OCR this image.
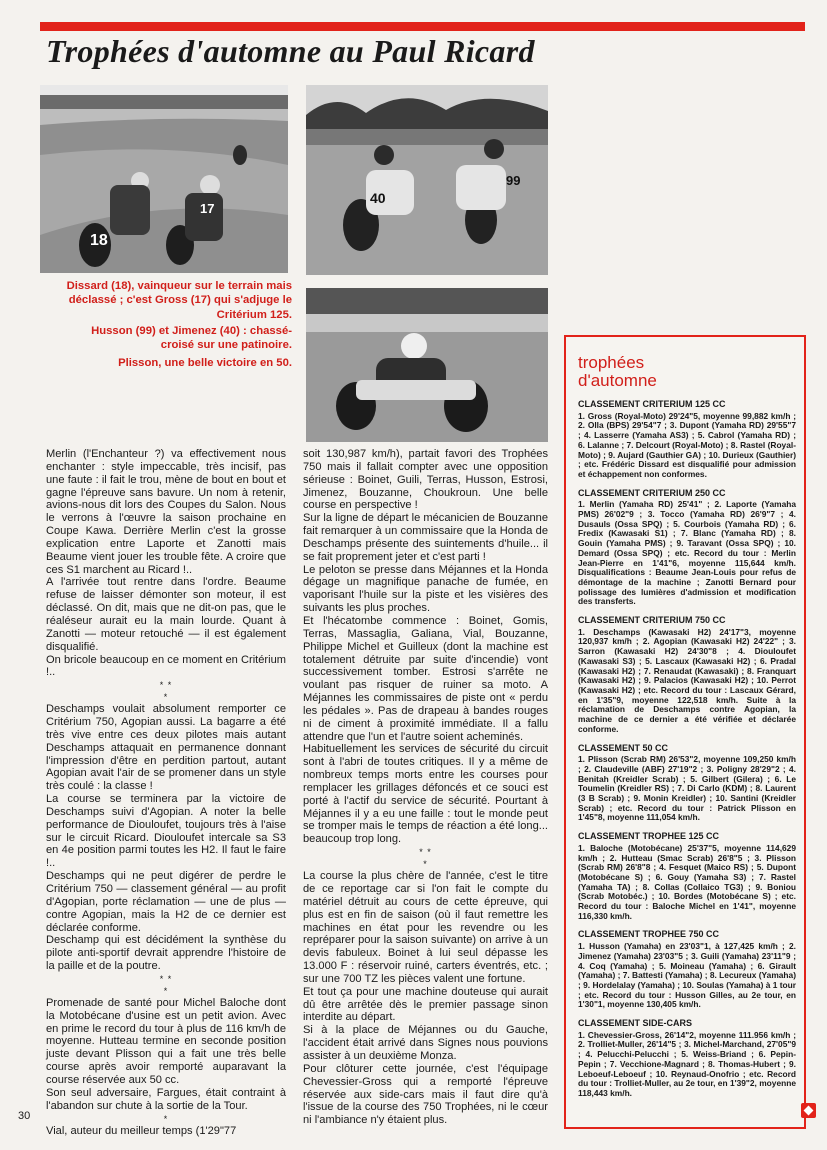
Trophées d'automne au Paul Ricard
18
17
40
99

Dissard (18), vainqueur sur le terrain mais déclassé ; c'est Gross (17) qui s'adjuge le Critérium 125.

Husson (99) et Jimenez (40) : chassé-croisé sur une patinoire.

Plisson, une belle victoire en 50.

Merlin (l'Enchanteur ?) va effectivement nous enchanter : style impeccable, très incisif, pas une faute : il fait le trou, mène de bout en bout et gagne l'épreuve sans bavure. Un nom à retenir, avions-nous dit lors des Coupes du Salon. Nous le verrons à l'œuvre la saison prochaine en Coupe Kawa. Derrière Merlin c'est la grosse explication entre Laporte et Zanotti mais Beaume vient jouer les trouble fête. A croire que ces S1 marchent au Ricard !..

A l'arrivée tout rentre dans l'ordre. Beaume refuse de laisser démonter son moteur, il est déclassé. On dit, mais que ne dit-on pas, que le réaléseur aurait eu la main lourde. Quant à Zanotti — moteur retouché — il est également disqualifié.

On bricole beaucoup en ce moment en Critérium !..

* *
*

Deschamps voulait absolument remporter ce Critérium 750, Agopian aussi. La bagarre a été très vive entre ces deux pilotes mais autant Deschamps attaquait en permanence donnant l'impression d'être en perdition partout, autant Agopian avait l'air de se promener dans un style très coulé : la classe !

La course se terminera par la victoire de Deschamps suivi d'Agopian. A noter la belle performance de Diouloufet, toujours très à l'aise sur le circuit Ricard. Diouloufet intercale sa S3 en 4e position parmi toutes les H2. Il faut le faire !..

Deschamps qui ne peut digérer de perdre le Critérium 750 — classement général — au profit d'Agopian, porte réclamation — une de plus — contre Agopian, mais la H2 de ce dernier est déclarée conforme.

Deschamp qui est décidément la synthèse du pilote anti-sportif devrait apprendre l'histoire de la paille et de la poutre.

* *
*

Promenade de santé pour Michel Baloche dont la Motobécane d'usine est un petit avion. Avec en prime le record du tour à plus de 116 km/h de moyenne. Hutteau termine en seconde position juste devant Plisson qui a fait une très belle course après avoir remporté auparavant la course réservée aux 50 cc.

Son seul adversaire, Fargues, était contraint à l'abandon sur chute à la sortie de la Tour.

*

Vial, auteur du meilleur temps (1'29"77

soit 130,987 km/h), partait favori des Trophées 750 mais il fallait compter avec une opposition sérieuse : Boinet, Guili, Terras, Husson, Estrosi, Jimenez, Bouzanne, Choukroun. Une belle course en perspective !

Sur la ligne de départ le mécanicien de Bouzanne fait remarquer à un commissaire que la Honda de Deschamps présente des suintements d'huile... il se fait proprement jeter et c'est parti !

Le peloton se presse dans Méjannes et la Honda dégage un magnifique panache de fumée, en vaporisant l'huile sur la piste et les visières des suivants les plus proches.

Et l'hécatombe commence : Boinet, Gomis, Terras, Massaglia, Galiana, Vial, Bouzanne, Philippe Michel et Guilleux (dont la machine est totalement détruite par suite d'incendie) vont successivement tomber. Estrosi s'arrête ne voulant pas risquer de ruiner sa moto. A Méjannes les commissaires de piste ont « perdu les pédales ». Pas de drapeau à bandes rouges ni de ciment à proximité immédiate. Il a fallu attendre que l'un et l'autre soient acheminés.

Habituellement les services de sécurité du circuit sont à l'abri de toutes critiques. Il y a même de nombreux temps morts entre les courses pour remplacer les grillages défoncés et ce souci est porté à l'actif du service de sécurité. Pourtant à Méjannes il y a eu une faille : tout le monde peut se tromper mais le temps de réaction a été long... beaucoup trop long.

* *
*

La course la plus chère de l'année, c'est le titre de ce reportage car si l'on fait le compte du matériel détruit au cours de cette épreuve, qui plus est en fin de saison (où il faut remettre les machines en état pour les revendre ou les repréparer pour la saison suivante) on arrive à un devis fabuleux. Boinet à lui seul dépasse les 13.000 F : réservoir ruiné, carters éventrés, etc. ; sur une 700 TZ les pièces valent une fortune.

Et tout ça pour une machine douteuse qui aurait dû être arrêtée dès le premier passage sinon interdite au départ.

Si à la place de Méjannes ou du Gauche, l'accident était arrivé dans Signes nous pouvions assister à un deuxième Monza.

Pour clôturer cette journée, c'est l'équipage Chevessier-Gross qui a remporté l'épreuve réservée aux side-cars mais il faut dire qu'à l'issue de la course des 750 Trophées, ni le cœur ni l'ambiance n'y étaient plus.

trophées
d'automne
CLASSEMENT CRITERIUM 125 CC
1. Gross (Royal-Moto) 29'24"5, moyenne 99,882 km/h ; 2. Olla (BPS) 29'54"7 ; 3. Dupont (Yamaha RD) 29'55"7 ; 4. Lasserre (Yamaha AS3) ; 5. Cabrol (Yamaha RD) ; 6. Lalanne ; 7. Delcourt (Royal-Moto) ; 8. Rastel (Royal-Moto) ; 9. Aujard (Gauthier GA) ; 10. Durieux (Gauthier) ; etc. Frédéric Dissard est disqualifié pour admission et échappement non conformes.
CLASSEMENT CRITERIUM 250 CC
1. Merlin (Yamaha RD) 25'41" ; 2. Laporte (Yamaha PMS) 26'02"9 ; 3. Tocco (Yamaha RD) 26'9"7 ; 4. Dusauls (Ossa SPQ) ; 5. Courbois (Yamaha RD) ; 6. Fredix (Kawasaki S1) ; 7. Blanc (Yamaha RD) ; 8. Gouin (Yamaha PMS) ; 9. Taravant (Ossa SPQ) ; 10. Demard (Ossa SPQ) ; etc. Record du tour : Merlin Jean-Pierre en 1'41"6, moyenne 115,644 km/h. Disqualifications : Beaume Jean-Louis pour refus de démontage de la machine ; Zanotti Bernard pour polissage des lumières d'admission et modification des transferts.
CLASSEMENT CRITERIUM 750 CC
1. Deschamps (Kawasaki H2) 24'17"3, moyenne 120,937 km/h ; 2. Agopian (Kawasaki H2) 24'22" ; 3. Sarron (Kawasaki H2) 24'30"8 ; 4. Diouloufet (Kawasaki S3) ; 5. Lascaux (Kawasaki H2) ; 6. Pradal (Kawasaki H2) ; 7. Renaudat (Kawasaki) ; 8. Franquart (Kawasaki H2) ; 9. Palacios (Kawasaki H2) ; 10. Perrot (Kawasaki H2) ; etc. Record du tour : Lascaux Gérard, en 1'35"9, moyenne 122,518 km/h. Suite à la réclamation de Deschamps contre Agopian, la machine de ce dernier a été vérifiée et déclarée conforme.
CLASSEMENT 50 CC
1. Plisson (Scrab RM) 26'53"2, moyenne 109,250 km/h ; 2. Claudeville (ABF) 27'19"2 ; 3. Poligny 28'29"2 ; 4. Benitah (Kreidler Scrab) ; 5. Gilbert (Gilera) ; 6. Le Toumelin (Kreidler RS) ; 7. Di Carlo (KDM) ; 8. Laurent (3 B Scrab) ; 9. Monin Kreidler) ; 10. Santini (Kreidler Scrab) ; etc. Record du tour : Patrick Plisson en 1'45"8, moyenne 111,054 km/h.
CLASSEMENT TROPHEE 125 CC
1. Baloche (Motobécane) 25'37"5, moyenne 114,629 km/h ; 2. Hutteau (Smac Scrab) 26'8"5 ; 3. Plisson (Scrab RM) 26'8"8 ; 4. Fesquet (Maico RS) ; 5. Dupont (Motobécane S) ; 6. Gouy (Yamaha S3) ; 7. Rastel (Yamaha TA) ; 8. Collas (Collaico TG3) ; 9. Boniou (Scrab Motobéc.) ; 10. Bordes (Motobécane S) ; etc. Record du tour : Baloche Michel en 1'41", moyenne 116,330 km/h.
CLASSEMENT TROPHEE 750 CC
1. Husson (Yamaha) en 23'03"1, à 127,425 km/h ; 2. Jimenez (Yamaha) 23'03"5 ; 3. Guili (Yamaha) 23'11"9 ; 4. Coq (Yamaha) ; 5. Moineau (Yamaha) ; 6. Girault (Yamaha) ; 7. Battesti (Yamaha) ; 8. Lecureux (Yamaha) ; 9. Hordelalay (Yamaha) ; 10. Soulas (Yamaha) à 1 tour ; etc. Record du tour : Husson Gilles, au 2e tour, en 1'30"1, moyenne 130,405 km/h.
CLASSEMENT SIDE-CARS
1. Chevessier-Gross, 26'14"2, moyenne 111.956 km/h ; 2. Trolliet-Muller, 26'14"5 ; 3. Michel-Marchand, 27'05"9 ; 4. Pelucchi-Pelucchi ; 5. Weiss-Briand ; 6. Pepin-Pepin ; 7. Vecchione-Magnard ; 8. Thomas-Hubert ; 9. Leboeuf-Leboeuf ; 10. Reynaud-Onofrio ; etc. Record du tour : Trolliet-Muller, au 2e tour, en 1'39"2, moyenne 118,443 km/h.
30
